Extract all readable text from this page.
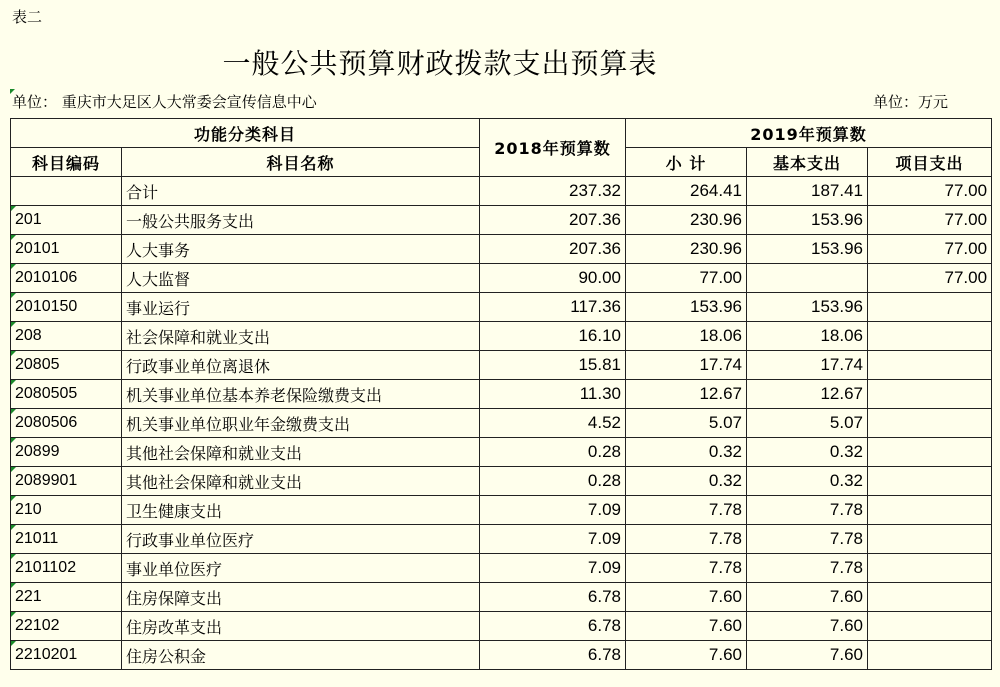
表二
一般公共预算财政拨款支出预算表
单位： 重庆市大足区人大常委会宣传信息中心	单位：万元
功能分类科目		2018年预算数	2019年预算数		
科目编码	科目名称		小 计	基本支出	项目支出
	合计	237.32	264.41	187.41	77.00
201	一般公共服务支出	207.36	230.96	153.96	77.00
20101	人大事务	207.36	230.96	153.96	77.00
2010106	人大监督	90.00	77.00		77.00
2010150	事业运行	117.36	153.96	153.96	
208	社会保障和就业支出	16.10	18.06	18.06	
20805	行政事业单位离退休	15.81	17.74	17.74	
2080505	机关事业单位基本养老保险缴费支出	11.30	12.67	12.67	
2080506	机关事业单位职业年金缴费支出	4.52	5.07	5.07	
20899	其他社会保障和就业支出	0.28	0.32	0.32	
2089901	其他社会保障和就业支出	0.28	0.32	0.32	
210	卫生健康支出	7.09	7.78	7.78	
21011	行政事业单位医疗	7.09	7.78	7.78	
2101102	事业单位医疗	7.09	7.78	7.78	
221	住房保障支出	6.78	7.60	7.60	
22102	住房改革支出	6.78	7.60	7.60	
2210201	住房公积金	6.78	7.60	7.60	
